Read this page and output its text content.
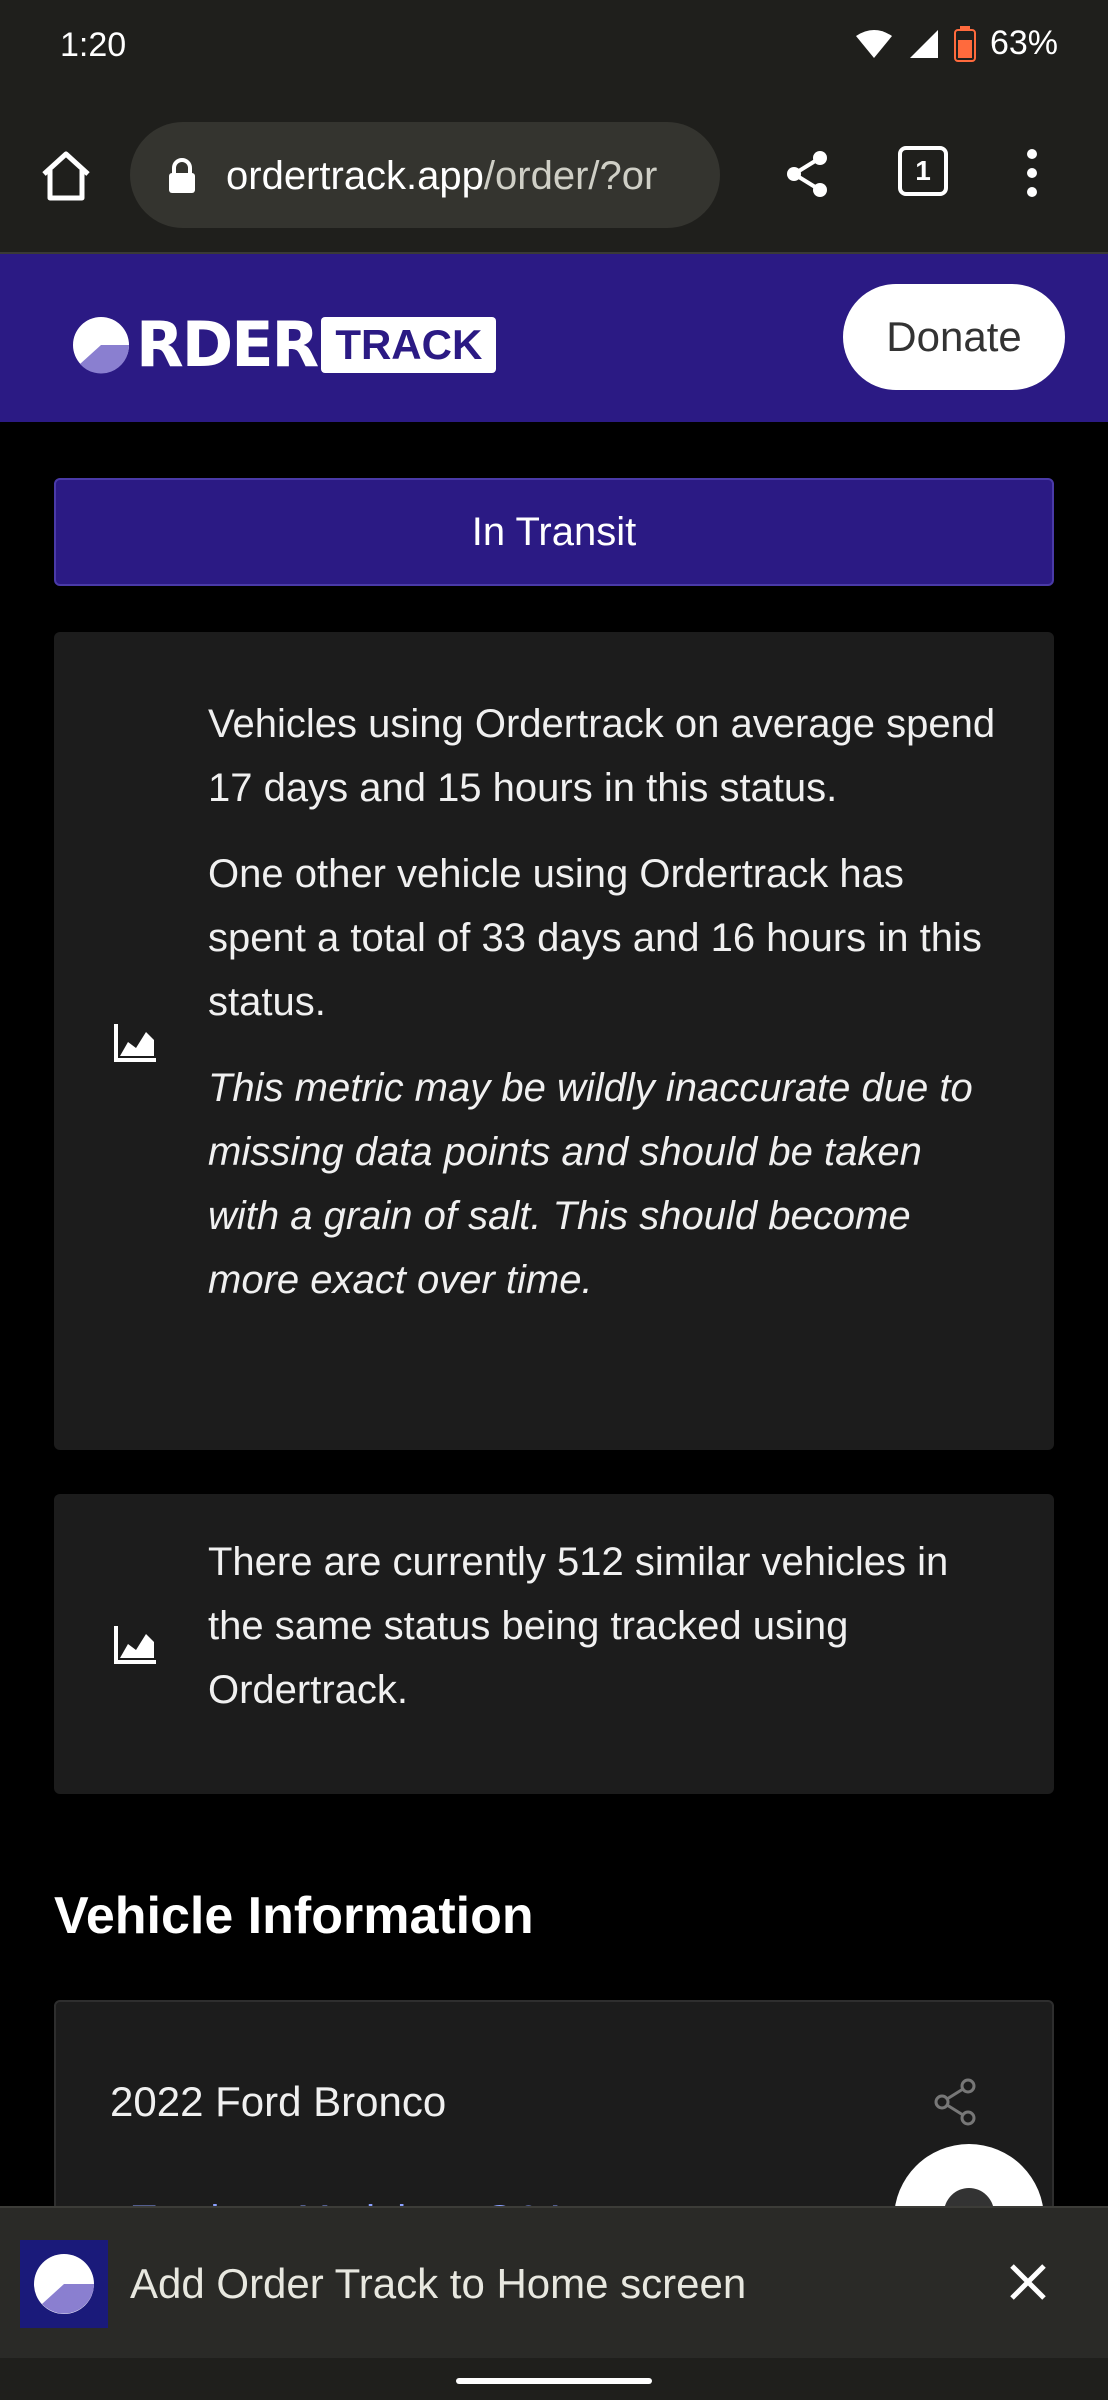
1:20	63%
ordertrack.app/order/?or	1
RDER TRACK	Donate
In Transit

Vehicles using Ordertrack on average spend 17 days and 15 hours in this status.

One other vehicle using Ordertrack has spent a total of 33 days and 16 hours in this status.

This metric may be wildly inaccurate due to missing data points and should be taken with a grain of salt. This should become more exact over time.

There are currently 512 similar vehicles in the same status being tracked using Ordertrack.

Vehicle Information
2022 Ford Bronco
Add Order Track to Home screen
